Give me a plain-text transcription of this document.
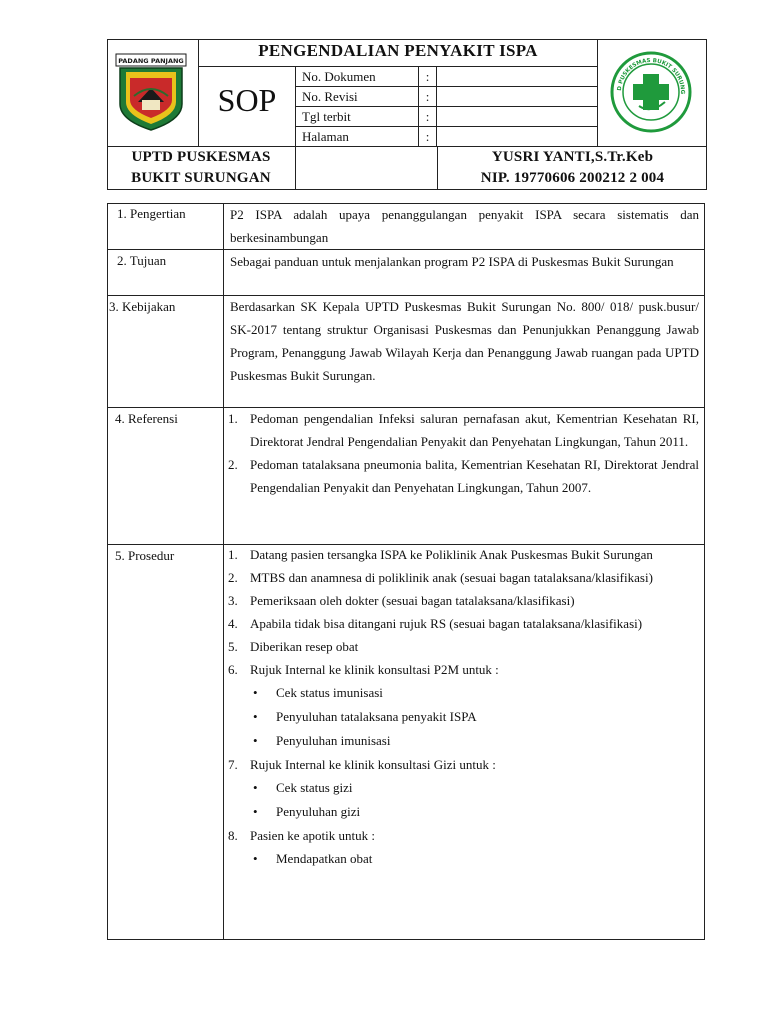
PADANG PANJANG
PENGENDALIAN PENYAKIT ISPA
SOP
No. Dokumen	:
No. Revisi	:
Tgl terbit	:
Halaman	:
D PUSKESMAS BUKIT SURUNG
UPTD PUSKESMAS
BUKIT SURUNGAN
YUSRI YANTI,S.Tr.Keb
NIP. 19770606 200212 2 004
1. Pengertian	P2 ISPA adalah upaya penanggulangan penyakit ISPA secara sistematis dan berkesinambungan
2. Tujuan	Sebagai panduan untuk menjalankan program P2 ISPA di Puskesmas Bukit Surungan
3. Kebijakan	Berdasarkan SK Kepala UPTD Puskesmas Bukit Surungan No. 800/ 018/ pusk.busur/ SK-2017 tentang struktur Organisasi Puskesmas dan Penunjukkan Penanggung Jawab Program, Penanggung Jawab Wilayah Kerja dan Penanggung Jawab ruangan pada UPTD Puskesmas Bukit Surungan.
4. Referensi	1. Pedoman pengendalian Infeksi saluran pernafasan akut, Kementrian Kesehatan RI, Direktorat Jendral Pengendalian Penyakit dan Penyehatan Lingkungan, Tahun 2011.
2. Pedoman tatalaksana pneumonia balita, Kementrian Kesehatan RI, Direktorat Jendral Pengendalian Penyakit dan Penyehatan Lingkungan, Tahun 2007.
5. Prosedur	1. Datang pasien tersangka ISPA ke Poliklinik Anak Puskesmas Bukit Surungan
2. MTBS dan anamnesa di poliklinik anak (sesuai bagan tatalaksana/klasifikasi)
3. Pemeriksaan oleh dokter (sesuai bagan tatalaksana/klasifikasi)
4. Apabila tidak bisa ditangani rujuk RS (sesuai bagan tatalaksana/klasifikasi)
5. Diberikan resep obat
6. Rujuk Internal ke klinik konsultasi P2M untuk :
• Cek status imunisasi
• Penyuluhan tatalaksana penyakit ISPA
• Penyuluhan imunisasi
7. Rujuk Internal ke klinik konsultasi Gizi untuk :
• Cek status gizi
• Penyuluhan gizi
8. Pasien ke apotik untuk :
• Mendapatkan obat
